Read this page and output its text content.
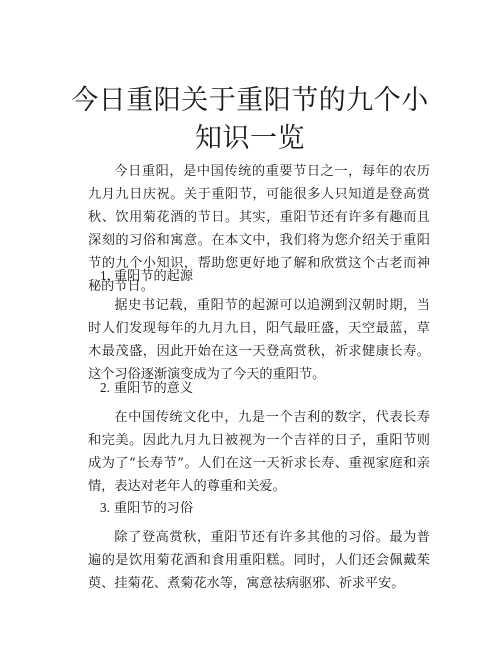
今日重阳关于重阳节的九个小知识一览

今日重阳，是中国传统的重要节日之一，每年的农历九月九日庆祝。关于重阳节，可能很多人只知道是登高赏秋、饮用菊花酒的节日。其实，重阳节还有许多有趣而且深刻的习俗和寓意。在本文中，我们将为您介绍关于重阳节的九个小知识，帮助您更好地了解和欣赏这个古老而神秘的节日。

1. 重阳节的起源

据史书记载，重阳节的起源可以追溯到汉朝时期，当时人们发现每年的九月九日，阳气最旺盛，天空最蓝，草木最茂盛，因此开始在这一天登高赏秋，祈求健康长寿。这个习俗逐渐演变成为了今天的重阳节。

2. 重阳节的意义

在中国传统文化中，九是一个吉利的数字，代表长寿和完美。因此九月九日被视为一个吉祥的日子，重阳节则成为了“长寿节”。人们在这一天祈求长寿、重视家庭和亲情，表达对老年人的尊重和关爱。

3. 重阳节的习俗

除了登高赏秋，重阳节还有许多其他的习俗。最为普遍的是饮用菊花酒和食用重阳糕。同时，人们还会佩戴茱萸、挂菊花、煮菊花水等，寓意祛病驱邪、祈求平安。
